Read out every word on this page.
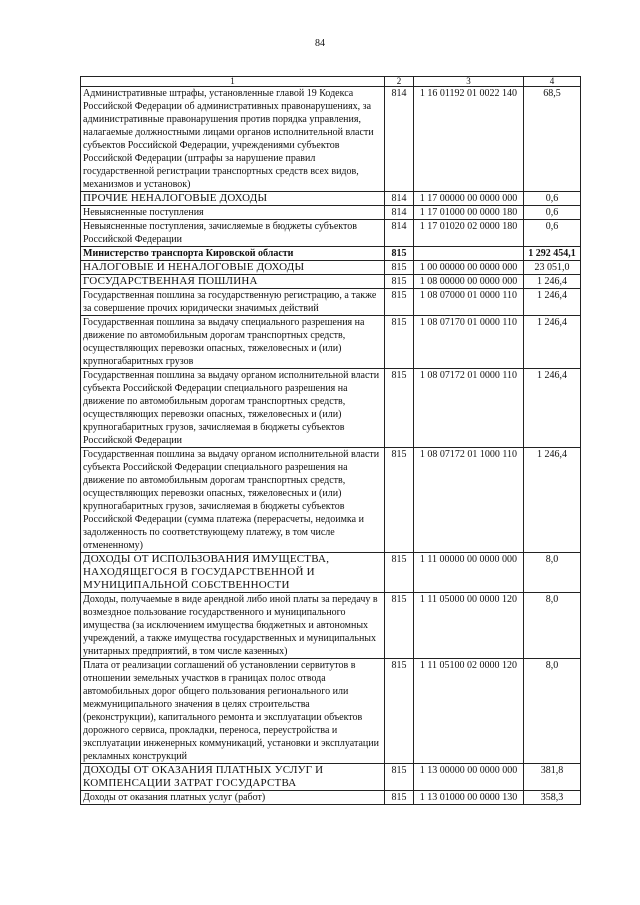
84
1	2	3	4
Административные штрафы, установленные главой 19 Кодекса Российской Федерации об административных правонарушениях, за административные правонарушения против порядка управления, налагаемые должностными лицами органов исполнительной власти субъектов Российской Федерации, учреждениями субъектов Российской Федерации (штрафы за нарушение правил государственной регистрации транспортных средств всех видов, механизмов и установок)	814	1 16 01192 01 0022 140	68,5
ПРОЧИЕ НЕНАЛОГОВЫЕ ДОХОДЫ	814	1 17 00000 00 0000 000	0,6
Невыясненные поступления	814	1 17 01000 00 0000 180	0,6
Невыясненные поступления, зачисляемые в бюджеты субъектов Российской Федерации	814	1 17 01020 02 0000 180	0,6
Министерство транспорта Кировской области	815		1 292 454,1
НАЛОГОВЫЕ И НЕНАЛОГОВЫЕ ДОХОДЫ	815	1 00 00000 00 0000 000	23 051,0
ГОСУДАРСТВЕННАЯ ПОШЛИНА	815	1 08 00000 00 0000 000	1 246,4
Государственная пошлина за государственную регистрацию, а также за совершение прочих юридически значимых действий	815	1 08 07000 01 0000 110	1 246,4
Государственная пошлина за выдачу специального разрешения на движение по автомобильным дорогам транспортных средств, осуществляющих перевозки опасных, тяжеловесных и (или) крупногабаритных грузов	815	1 08 07170 01 0000 110	1 246,4
Государственная пошлина за выдачу органом исполнительной власти субъекта Российской Федерации специального разрешения на движение по автомобильным дорогам транспортных средств, осуществляющих перевозки опасных, тяжеловесных и (или) крупногабаритных грузов, зачисляемая в бюджеты субъектов Российской Федерации	815	1 08 07172 01 0000 110	1 246,4
Государственная пошлина за выдачу органом исполнительной власти субъекта Российской Федерации специального разрешения на движение по автомобильным дорогам транспортных средств, осуществляющих перевозки опасных, тяжеловесных и (или) крупногабаритных грузов, зачисляемая в бюджеты субъектов Российской Федерации (сумма платежа (перерасчеты, недоимка и задолженность по соответствующему платежу, в том числе отмененному)	815	1 08 07172 01 1000 110	1 246,4
ДОХОДЫ ОТ ИСПОЛЬЗОВАНИЯ ИМУЩЕСТВА, НАХОДЯЩЕГОСЯ В ГОСУДАРСТВЕННОЙ И МУНИЦИПАЛЬНОЙ СОБСТВЕННОСТИ	815	1 11 00000 00 0000 000	8,0
Доходы, получаемые в виде арендной либо иной платы за передачу в возмездное пользование государственного и муниципального имущества (за исключением имущества бюджетных и автономных учреждений, а также имущества государственных и муниципальных унитарных предприятий, в том числе казенных)	815	1 11 05000 00 0000 120	8,0
Плата от реализации соглашений об установлении сервитутов в отношении земельных участков в границах полос отвода автомобильных дорог общего пользования регионального или межмуниципального значения в целях строительства (реконструкции), капитального ремонта и эксплуатации объектов дорожного сервиса, прокладки, переноса, переустройства и эксплуатации инженерных коммуникаций, установки и эксплуатации рекламных конструкций	815	1 11 05100 02 0000 120	8,0
ДОХОДЫ ОТ ОКАЗАНИЯ ПЛАТНЫХ УСЛУГ И КОМПЕНСАЦИИ ЗАТРАТ ГОСУДАРСТВА	815	1 13 00000 00 0000 000	381,8
Доходы от оказания платных услуг (работ)	815	1 13 01000 00 0000 130	358,3
